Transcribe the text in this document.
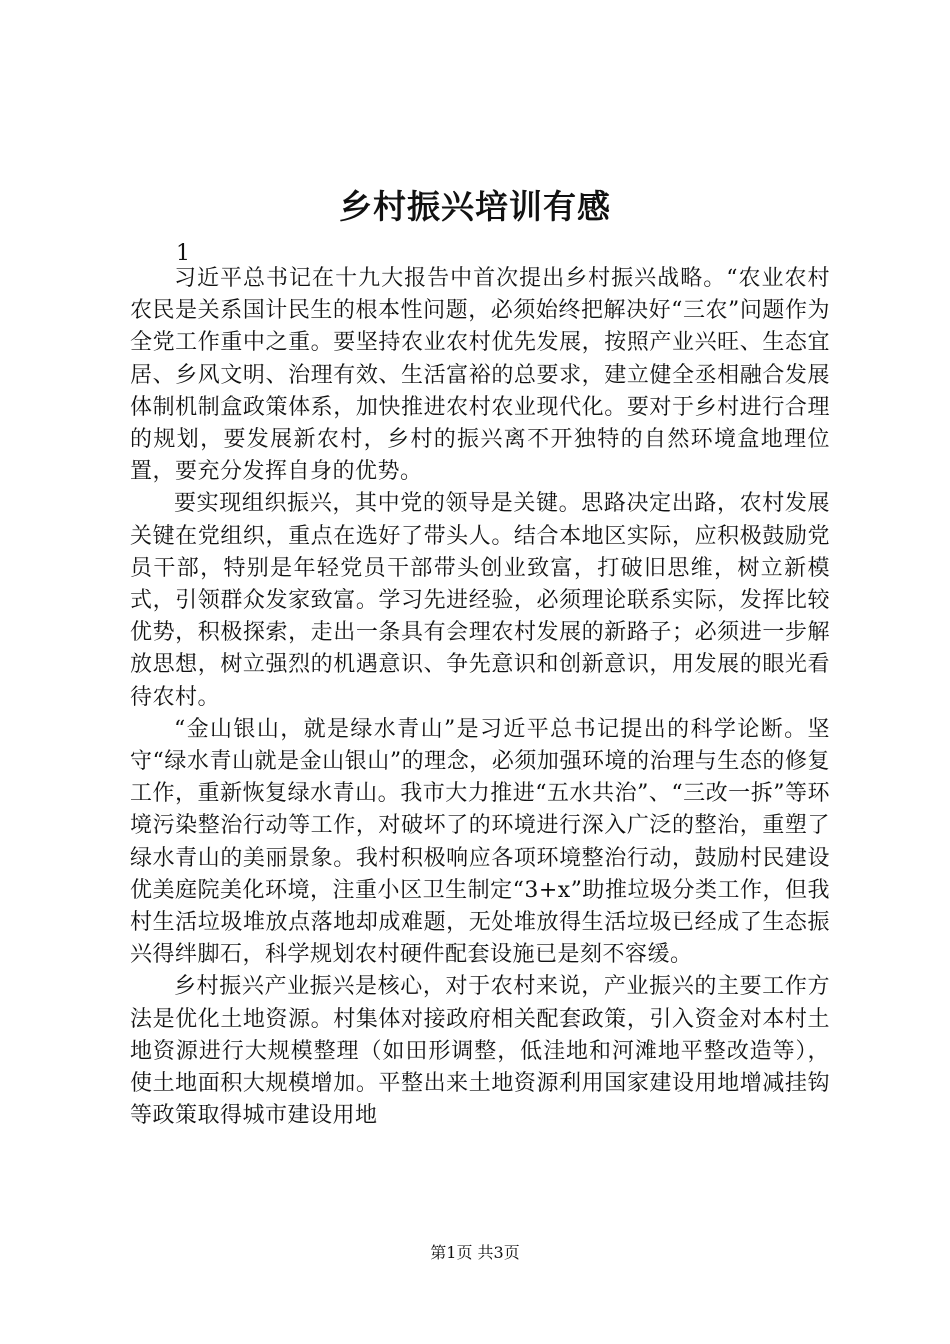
乡村振兴培训有感
1

习近平总书记在十九大报告中首次提出乡村振兴战略。“农业农村农民是关系国计民生的根本性问题，必须始终把解决好“三农”问题作为全党工作重中之重。要坚持农业农村优先发展，按照产业兴旺、生态宜居、乡风文明、治理有效、生活富裕的总要求，建立健全丞相融合发展体制机制盒政策体系，加快推进农村农业现代化。要对于乡村进行合理的规划，要发展新农村，乡村的振兴离不开独特的自然环境盒地理位置，要充分发挥自身的优势。

要实现组织振兴，其中党的领导是关键。思路决定出路，农村发展关键在党组织，重点在选好了带头人。结合本地区实际，应积极鼓励党员干部，特别是年轻党员干部带头创业致富，打破旧思维，树立新模式，引领群众发家致富。学习先进经验，必须理论联系实际，发挥比较优势，积极探索，走出一条具有会理农村发展的新路子；必须进一步解放思想，树立强烈的机遇意识、争先意识和创新意识，用发展的眼光看待农村。

“金山银山，就是绿水青山”是习近平总书记提出的科学论断。坚守“绿水青山就是金山银山”的理念，必须加强环境的治理与生态的修复工作，重新恢复绿水青山。我市大力推进“五水共治”、“三改一拆”等环境污染整治行动等工作，对破坏了的环境进行深入广泛的整治，重塑了绿水青山的美丽景象。我村积极响应各项环境整治行动，鼓励村民建设优美庭院美化环境，注重小区卫生制定“3+x”助推垃圾分类工作，但我村生活垃圾堆放点落地却成难题，无处堆放得生活垃圾已经成了生态振兴得绊脚石，科学规划农村硬件配套设施已是刻不容缓。

乡村振兴产业振兴是核心，对于农村来说，产业振兴的主要工作方法是优化土地资源。村集体对接政府相关配套政策，引入资金对本村土地资源进行大规模整理（如田形调整，低洼地和河滩地平整改造等），使土地面积大规模增加。平整出来土地资源利用国家建设用地增减挂钩等政策取得城市建设用地

第1页 共3页
